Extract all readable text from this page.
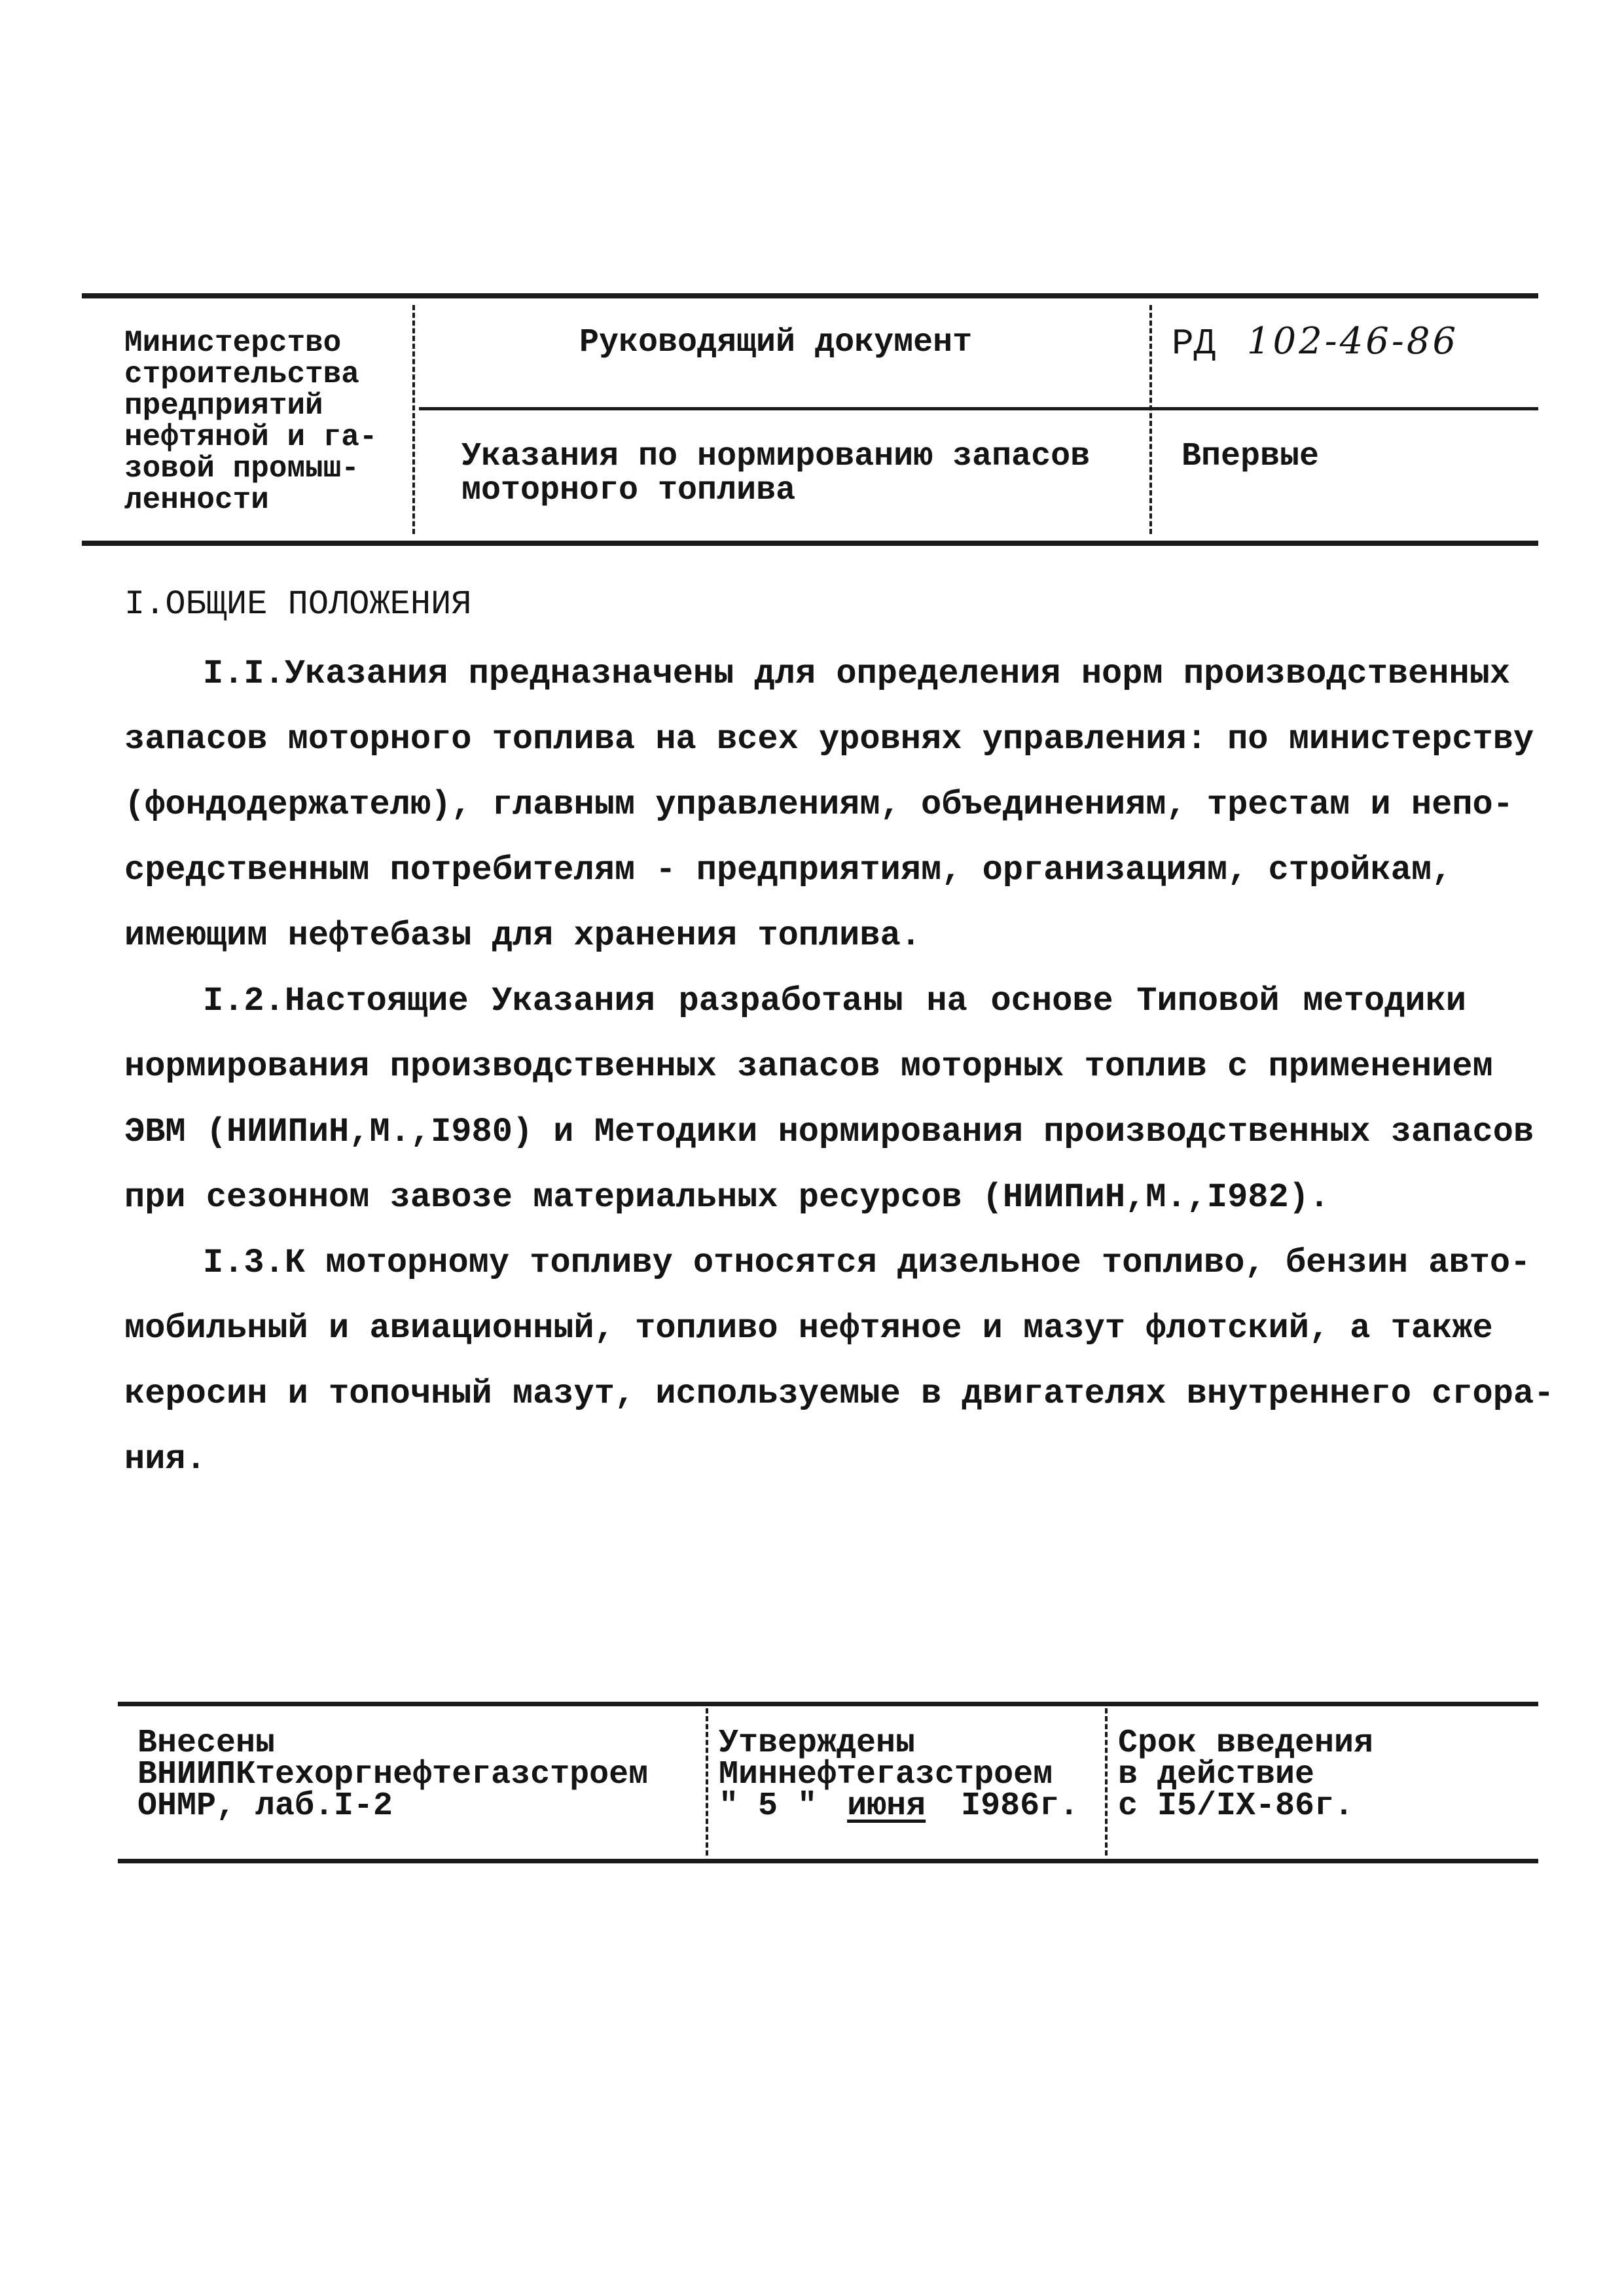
Министерство
строительства
предприятий
нефтяной и га-
зовой промыш-
ленности
Руководящий документ	РД 102-46-86
Указания по нормированию запасов
моторного топлива
Впервые
I.ОБЩИЕ ПОЛОЖЕНИЯ
I.I.Указания предназначены для определения норм производственных
запасов моторного топлива на всех уровнях управления: по министерству
(фондодержателю), главным управлениям, объединениям, трестам и непо-
средственным потребителям - предприятиям, организациям, стройкам,
имеющим нефтебазы для хранения топлива.
I.2.Настоящие Указания разработаны на основе Типовой методики
нормирования производственных запасов моторных топлив с применением
ЭВМ (НИИПиН,М.,I980) и Методики нормирования производственных запасов
при сезонном завозе материальных ресурсов (НИИПиН,М.,I982).
I.3.К моторному топливу относятся дизельное топливо, бензин авто-
мобильный и авиационный, топливо нефтяное и мазут флотский, а также
керосин и топочный мазут, используемые в двигателях внутреннего сгора-
ния.
Внесены
ВНИИПКтехоргнефтегазстроем
ОНМР, лаб.I-2
Утверждены
Миннефтегазстроем
" 5 " июня I986г.
Срок введения
в действие
с I5/IX-86г.
